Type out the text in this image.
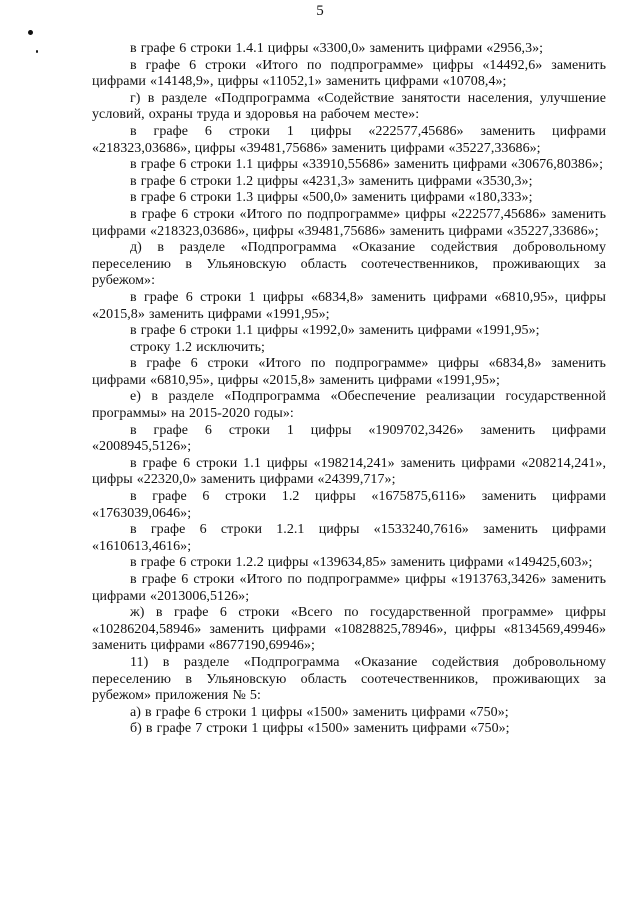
5

в графе 6 строки 1.4.1 цифры «3300,0» заменить цифрами «2956,3»;

в графе 6 строки «Итого по подпрограмме» цифры «14492,6» заменить цифрами «14148,9», цифры «11052,1» заменить цифрами «10708,4»;

г) в разделе «Подпрограмма «Содействие занятости населения, улучшение условий, охраны труда и здоровья на рабочем месте»:

в графе 6 строки 1 цифры «222577,45686» заменить цифрами «218323,03686», цифры «39481,75686» заменить цифрами «35227,33686»;

в графе 6 строки 1.1 цифры «33910,55686» заменить цифрами «30676,80386»;

в графе 6 строки 1.2 цифры «4231,3» заменить цифрами «3530,3»;

в графе 6 строки 1.3 цифры «500,0» заменить цифрами «180,333»;

в графе 6 строки «Итого по подпрограмме» цифры «222577,45686» заменить цифрами «218323,03686», цифры «39481,75686» заменить цифрами «35227,33686»;

д) в разделе «Подпрограмма «Оказание содействия добровольному переселению в Ульяновскую область соотечественников, проживающих за рубежом»:

в графе 6 строки 1 цифры «6834,8» заменить цифрами «6810,95», цифры «2015,8» заменить цифрами «1991,95»;

в графе 6 строки 1.1 цифры «1992,0» заменить цифрами «1991,95»;

строку 1.2 исключить;

в графе 6 строки «Итого по подпрограмме» цифры «6834,8» заменить цифрами «6810,95», цифры «2015,8» заменить цифрами «1991,95»;

е) в разделе «Подпрограмма «Обеспечение реализации государственной программы» на 2015-2020 годы»:

в графе 6 строки 1 цифры «1909702,3426» заменить цифрами «2008945,5126»;

в графе 6 строки 1.1 цифры «198214,241» заменить цифрами «208214,241», цифры «22320,0» заменить цифрами «24399,717»;

в графе 6 строки 1.2 цифры «1675875,6116» заменить цифрами «1763039,0646»;

в графе 6 строки 1.2.1 цифры «1533240,7616» заменить цифрами «1610613,4616»;

в графе 6 строки 1.2.2 цифры «139634,85» заменить цифрами «149425,603»;

в графе 6 строки «Итого по подпрограмме» цифры «1913763,3426» заменить цифрами «2013006,5126»;

ж) в графе 6 строки «Всего по государственной программе» цифры «10286204,58946» заменить цифрами «10828825,78946», цифры «8134569,49946» заменить цифрами «8677190,69946»;

11) в разделе «Подпрограмма «Оказание содействия добровольному переселению в Ульяновскую область соотечественников, проживающих за рубежом» приложения № 5:

а) в графе 6 строки 1 цифры «1500» заменить цифрами «750»;

б) в графе 7 строки 1 цифры «1500» заменить цифрами «750»;
